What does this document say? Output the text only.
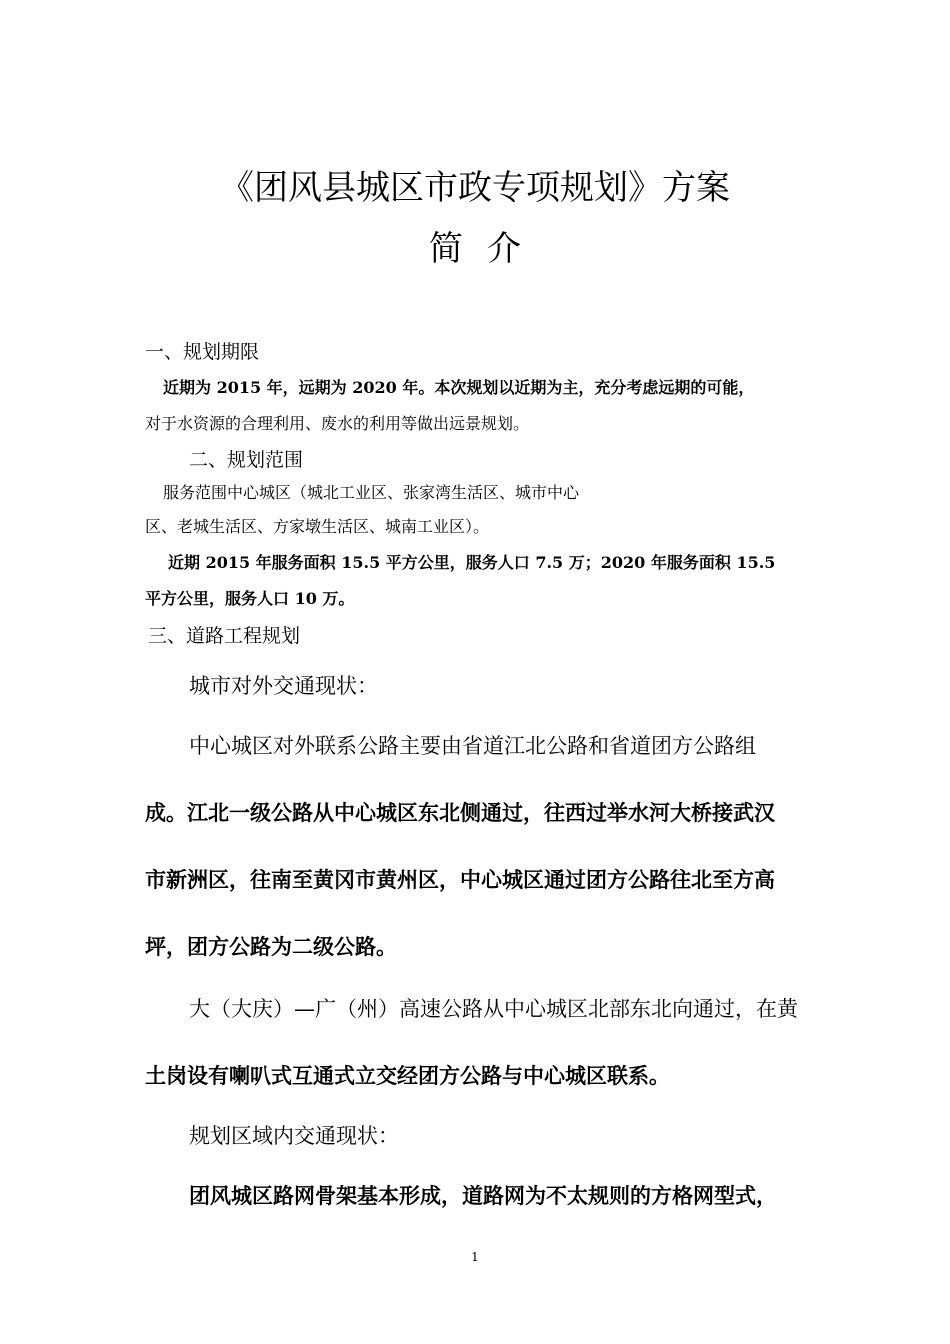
《团风县城区市政专项规划》方案
简介
一、规划期限
近期为 2015 年，远期为 2020 年。本次规划以近期为主，充分考虑远期的可能，
对于水资源的合理利用、废水的利用等做出远景规划。
二、规划范围
服务范围中心城区（城北工业区、张家湾生活区、城市中心
区、老城生活区、方家墩生活区、城南工业区）。
近期 2015 年服务面积 15.5 平方公里，服务人口 7.5 万；2020 年服务面积 15.5
平方公里，服务人口 10 万。
三、道路工程规划
城市对外交通现状：
中心城区对外联系公路主要由省道江北公路和省道团方公路组
成。江北一级公路从中心城区东北侧通过，往西过举水河大桥接武汉
市新洲区，往南至黄冈市黄州区，中心城区通过团方公路往北至方高
坪，团方公路为二级公路。
大（大庆）—广（州）高速公路从中心城区北部东北向通过，在黄
土岗设有喇叭式互通式立交经团方公路与中心城区联系。
规划区域内交通现状：
团风城区路网骨架基本形成，道路网为不太规则的方格网型式，
1
